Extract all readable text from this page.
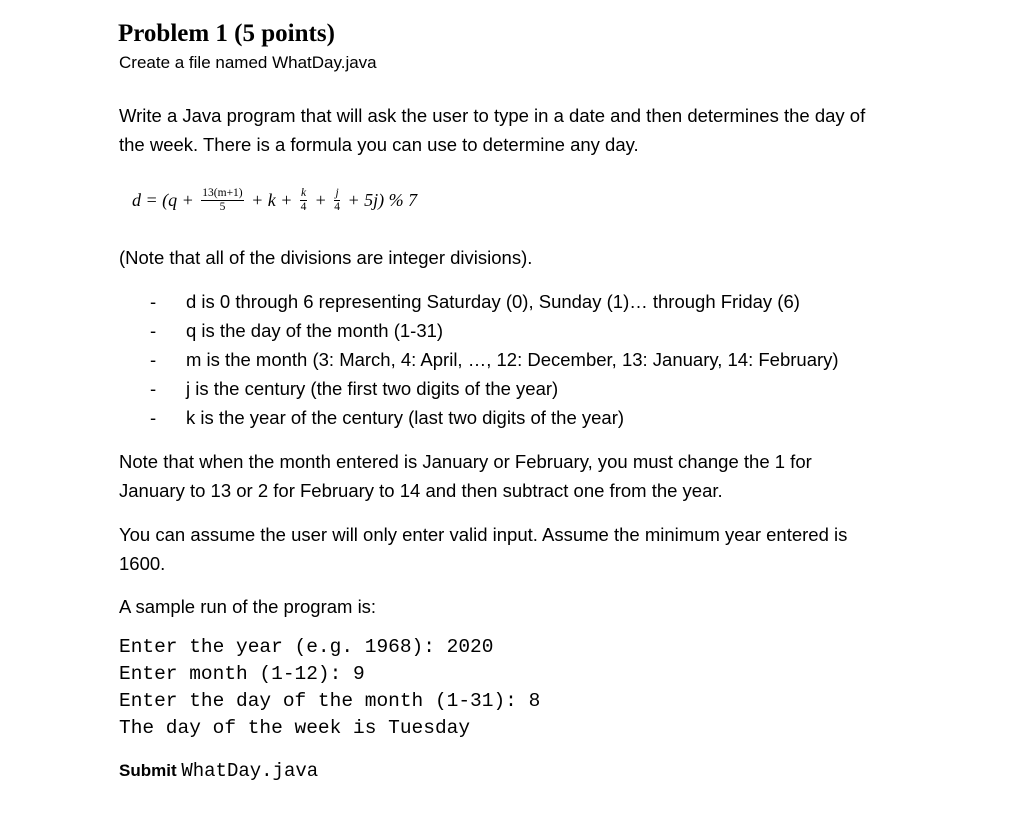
Problem 1 (5 points)
Create a file named WhatDay.java

Write a Java program that will ask the user to type in a date and then determines the day of
the week. There is a formula you can use to determine any day.

$d = (q + \frac{13(m+1)}{5} + k + \frac{k}{4} + \frac{j}{4} + 5j)$ % 7

(Note that all of the divisions are integer divisions).

-	d is 0 through 6 representing Saturday (0), Sunday (1)… through Friday (6)
-	q is the day of the month (1-31)
-	m is the month (3: March, 4: April, …, 12: December, 13: January, 14: February)
-	j is the century (the first two digits of the year)
-	k is the year of the century (last two digits of the year)

Note that when the month entered is January or February, you must change the 1 for
January to 13 or 2 for February to 14 and then subtract one from the year.

You can assume the user will only enter valid input. Assume the minimum year entered is
1600.

A sample run of the program is:

Enter the year (e.g. 1968): 2020
Enter month (1-12): 9
Enter the day of the month (1-31): 8
The day of the week is Tuesday
Submit WhatDay.java
